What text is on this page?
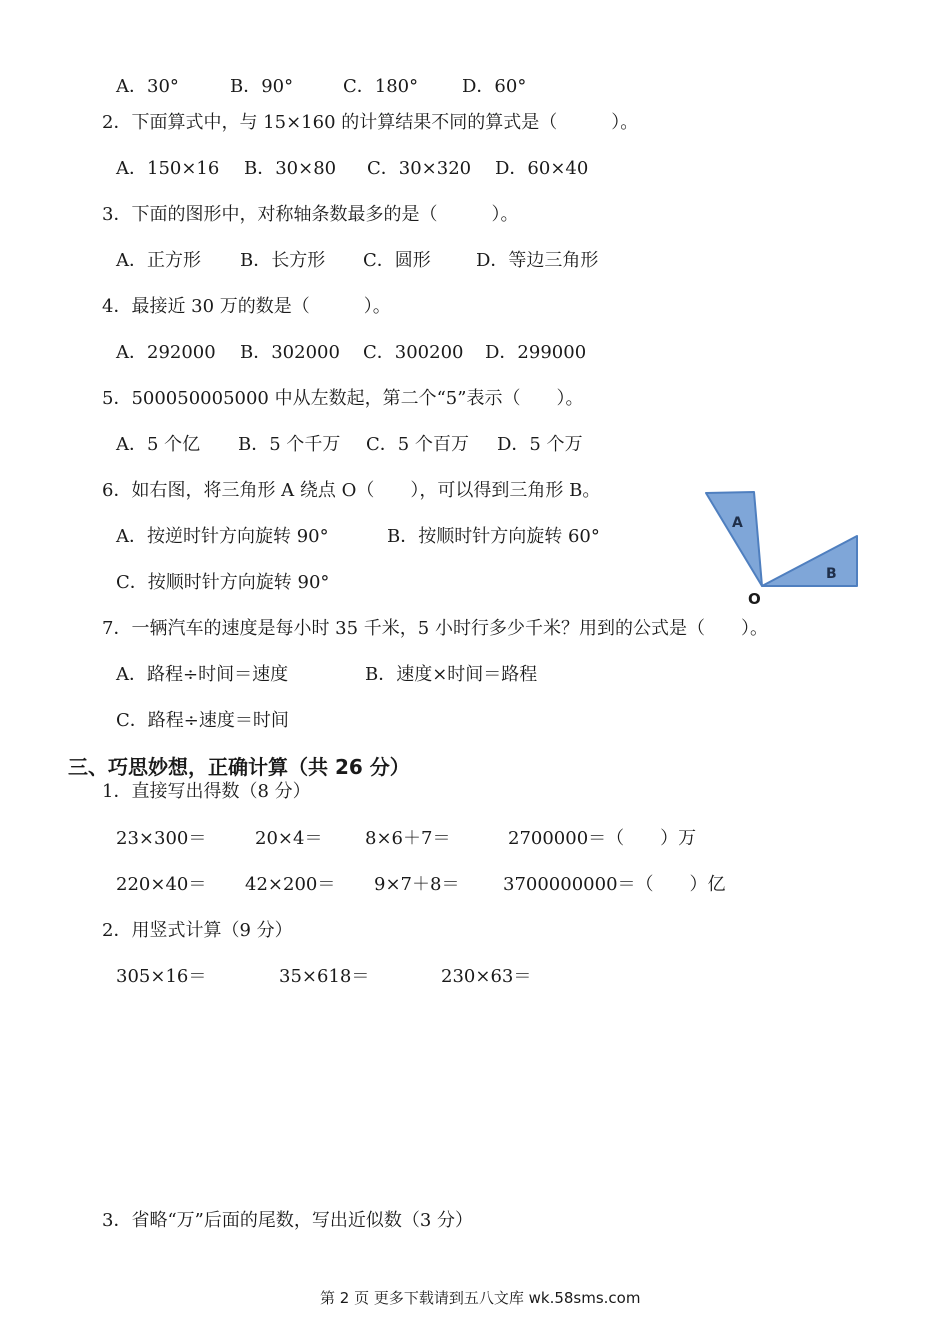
A．30°	B．90°	C．180° D．60°
2．下面算式中，与 15×160 的计算结果不同的算式是（　　　）。
A．150×16 B．30×80 C．30×320 D．60×40
3．下面的图形中，对称轴条数最多的是（　　　）。
A．正方形 B．长方形 C．圆形	D．等边三角形
4．最接近 30 万的数是（　　　）。
A．292000 B．302000 C．300200 D．299000
5．500050005000 中从左数起，第二个“5”表示（　　）。
A．5 个亿 B．5 个千万 C．5 个百万 D．5 个万
6．如右图，将三角形 A 绕点 O（　　），可以得到三角形 B。
A．按逆时针方向旋转 90°	B．按顺时针方向旋转 60°
C．按顺时针方向旋转 90°
A
B
O
7．一辆汽车的速度是每小时 35 千米，5 小时行多少千米？用到的公式是（　　）。
A．路程÷时间＝速度	B．速度×时间＝路程
C．路程÷速度＝时间
三、巧思妙想，正确计算（共 26 分）
1．直接写出得数（8 分）
23×300＝	20×4＝ 8×6＋7＝	2700000＝（　　）万
220×40＝ 42×200＝ 9×7＋8＝ 3700000000＝（　　）亿
2．用竖式计算（9 分）
305×16＝	35×618＝	230×63＝
3．省略“万”后面的尾数，写出近似数（3 分）
第 2 页 更多下载请到五八文库 wk.58sms.com
